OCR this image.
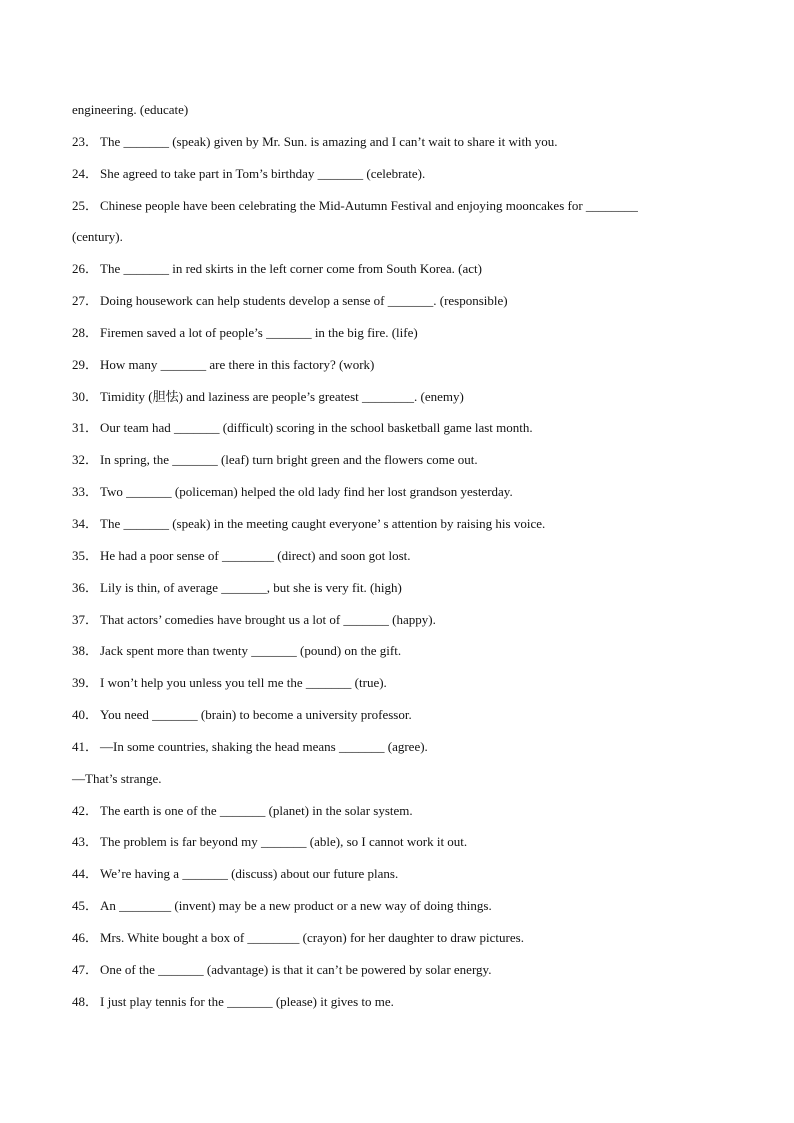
engineering. (educate)
23． The _______ (speak) given by Mr. Sun. is amazing and I can’t wait to share it with you.
24． She agreed to take part in Tom’s birthday _______ (celebrate).
25． Chinese people have been celebrating the Mid-Autumn Festival and enjoying mooncakes for ________
(century).
26． The _______ in red skirts in the left corner come from South Korea. (act)
27． Doing housework can help students develop a sense of _______. (responsible)
28． Firemen saved a lot of people’s _______ in the big fire. (life)
29． How many _______ are there in this factory? (work)
30． Timidity (胆怯) and laziness are people’s greatest ________. (enemy)
31． Our team had _______ (difficult) scoring in the school basketball game last month.
32． In spring, the _______ (leaf) turn bright green and the flowers come out.
33． Two _______ (policeman) helped the old lady find her lost grandson yesterday.
34． The _______ (speak) in the meeting caught everyone’ s attention by raising his voice.
35． He had a poor sense of ________ (direct) and soon got lost.
36． Lily is thin, of average _______, but she is very fit. (high)
37． That actors’ comedies have brought us a lot of _______ (happy).
38． Jack spent more than twenty _______ (pound) on the gift.
39． I won’t help you unless you tell me the _______ (true).
40． You need _______ (brain) to become a university professor.
41． —In some countries, shaking the head means _______ (agree).
—That’s strange.
42． The earth is one of the _______ (planet) in the solar system.
43． The problem is far beyond my _______ (able), so I cannot work it out.
44． We’re having a _______ (discuss) about our future plans.
45． An ________ (invent) may be a new product or a new way of doing things.
46． Mrs. White bought a box of ________ (crayon) for her daughter to draw pictures.
47． One of the _______ (advantage) is that it can’t be powered by solar energy.
48． I just play tennis for the _______ (please) it gives to me.
